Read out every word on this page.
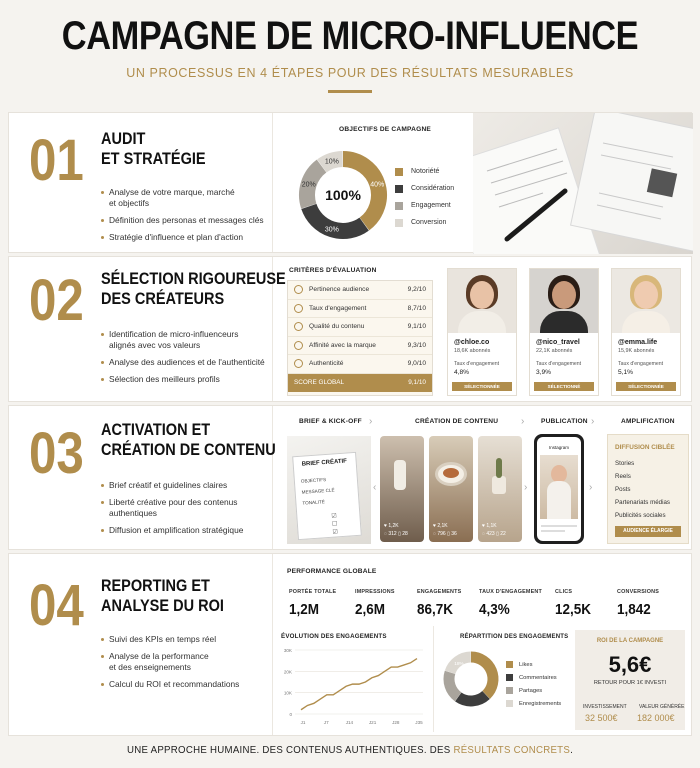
CAMPAGNE DE MICRO-INFLUENCE
UN PROCESSUS EN 4 ÉTAPES POUR DES RÉSULTATS MESURABLES
01 AUDIT
ET STRATÉGIE
Analyse de votre marque, marché
et objectifs
Définition des personas et messages clés
Stratégie d'influence et plan d'action
OBJECTIFS DE CAMPAGNE
40%
30%
20%
10%
100%
Notoriété
Considération
Engagement
Conversion
02 SÉLECTION RIGOUREUSE
DES CRÉATEURS
Identification de micro-influenceurs
alignés avec vos valeurs
Analyse des audiences et de l'authenticité
Sélection des meilleurs profils
CRITÈRES D'ÉVALUATION
Pertinence audience	9,2/10
Taux d'engagement	8,7/10
Qualité du contenu	9,1/10
Affinité avec la marque	9,3/10
Authenticité	9,0/10
SCORE GLOBAL	9,1/10
@chloe.co
18,6K abonnés
Taux d'engagement
4,8%
SÉLECTIONNÉE
@nico_travel
22,1K abonnés
Taux d'engagement
3,9%
SÉLECTIONNÉ
@emma.life
15,9K abonnés
Taux d'engagement
5,1%
SÉLECTIONNÉE
03 ACTIVATION ET
CRÉATION DE CONTENU
Brief créatif et guidelines claires
Liberté créative pour des contenus
authentiques
Diffusion et amplification stratégique
BRIEF & KICK-OFF ›	CRÉATION DE CONTENU ›	PUBLICATION ›	AMPLIFICATION
BRIEF CRÉATIF
OBJECTIFS
MESSAGE CLÉ
TONALITÉ
☑
☐
☑
‹
♥ 1,2K
◌ 312 ▯ 28
♥ 2,1K
◌ 796 ▯ 36
♥ 1,1K
◌ 423 ▯ 22
›
Instagram
›
DIFFUSION CIBLÉE
Stories
Reels
Posts
Partenariats médias
Publicités sociales
AUDIENCE ÉLARGIE
04 REPORTING ET
ANALYSE DU ROI
Suivi des KPIs en temps réel
Analyse de la performance
et des enseignements
Calcul du ROI et recommandations
PERFORMANCE GLOBALE
PORTÉE TOTALE
1,2M
IMPRESSIONS
2,6M
ENGAGEMENTS
86,7K
TAUX D'ENGAGEMENT
4,3%
CLICS
12,5K
CONVERSIONS
1,842
ÉVOLUTION DES ENGAGEMENTS
30K
20K
10K
0
J1	J7	J14	J21	J28	J35
RÉPARTITION DES ENGAGEMENTS
18%	Likes
Commentaires
Partages
Enregistrements
ROI DE LA CAMPAGNE
5,6€
RETOUR POUR 1€ INVESTI
INVESTISSEMENT
32 500€
VALEUR GÉNÉRÉE
182 000€
UNE APPROCHE HUMAINE. DES CONTENUS AUTHENTIQUES. DES RÉSULTATS CONCRETS.
